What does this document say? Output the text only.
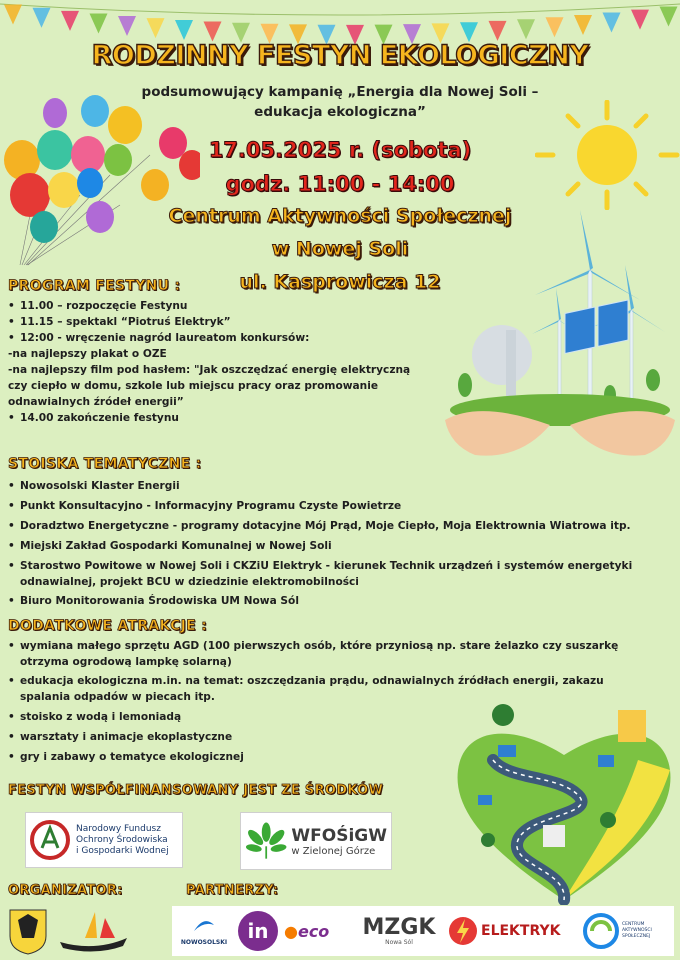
RODZINNY FESTYN EKOLOGICZNY
podsumowujący kampanię „Energia dla Nowej Soli –
edukacja ekologiczna”
17.05.2025 r. (sobota)
godz. 11:00 - 14:00
Centrum Aktywności Społecznej
w Nowej Soli
ul. Kasprowicza 12
PROGRAM FESTYNU :
• 11.00 – rozpoczęcie Festynu
• 11.15 – spektakl “Piotruś Elektryk”
• 12:00 - wręczenie nagród laureatom konkursów:
-na najlepszy plakat o OZE
-na najlepszy film pod hasłem: "Jak oszczędzać energię elektryczną
czy ciepło w domu, szkole lub miejscu pracy oraz promowanie
odnawialnych źródeł energii”
• 14.00 zakończenie festynu
STOISKA TEMATYCZNE :
• Nowosolski Klaster Energii
• Punkt Konsultacyjno - Informacyjny Programu Czyste Powietrze
• Doradztwo Energetyczne - programy dotacyjne Mój Prąd, Moje Ciepło, Moja Elektrownia Wiatrowa itp.
• Miejski Zakład Gospodarki Komunalnej w Nowej Soli
• Starostwo Powitowe w Nowej Soli i CKZiU Elektryk - kierunek Technik urządzeń i systemów energetyki
odnawialnej, projekt BCU w dziedzinie elektromobilności
• Biuro Monitorowania Środowiska UM Nowa Sól
DODATKOWE ATRAKCJE :
• wymiana małego sprzętu AGD (100 pierwszych osób, które przyniosą np. stare żelazko czy suszarkę
otrzyma ogrodową lampkę solarną)
• edukacja ekologiczna m.in. na temat: oszczędzania prądu, odnawialnych źródłach energii, zakazu
spalania odpadów w piecach itp.
• stoisko z wodą i lemoniadą
• warsztaty i animacje ekoplastyczne
• gry i zabawy o tematyce ekologicznej
FESTYN WSPÓŁFINANSOWANY JEST ZE ŚRODKÓW
Narodowy Fundusz
Ochrony Środowiska
i Gospodarki Wodnej
WFOŚiGW
w Zielonej Górze
ORGANIZATOR:	PARTNERZY:
NOWOSOLSKI	in ●eco	MZGK
Nowa Sól
ELEKTRYK	CENTRUM AKTYWNOŚCI SPOŁECZNEJ
